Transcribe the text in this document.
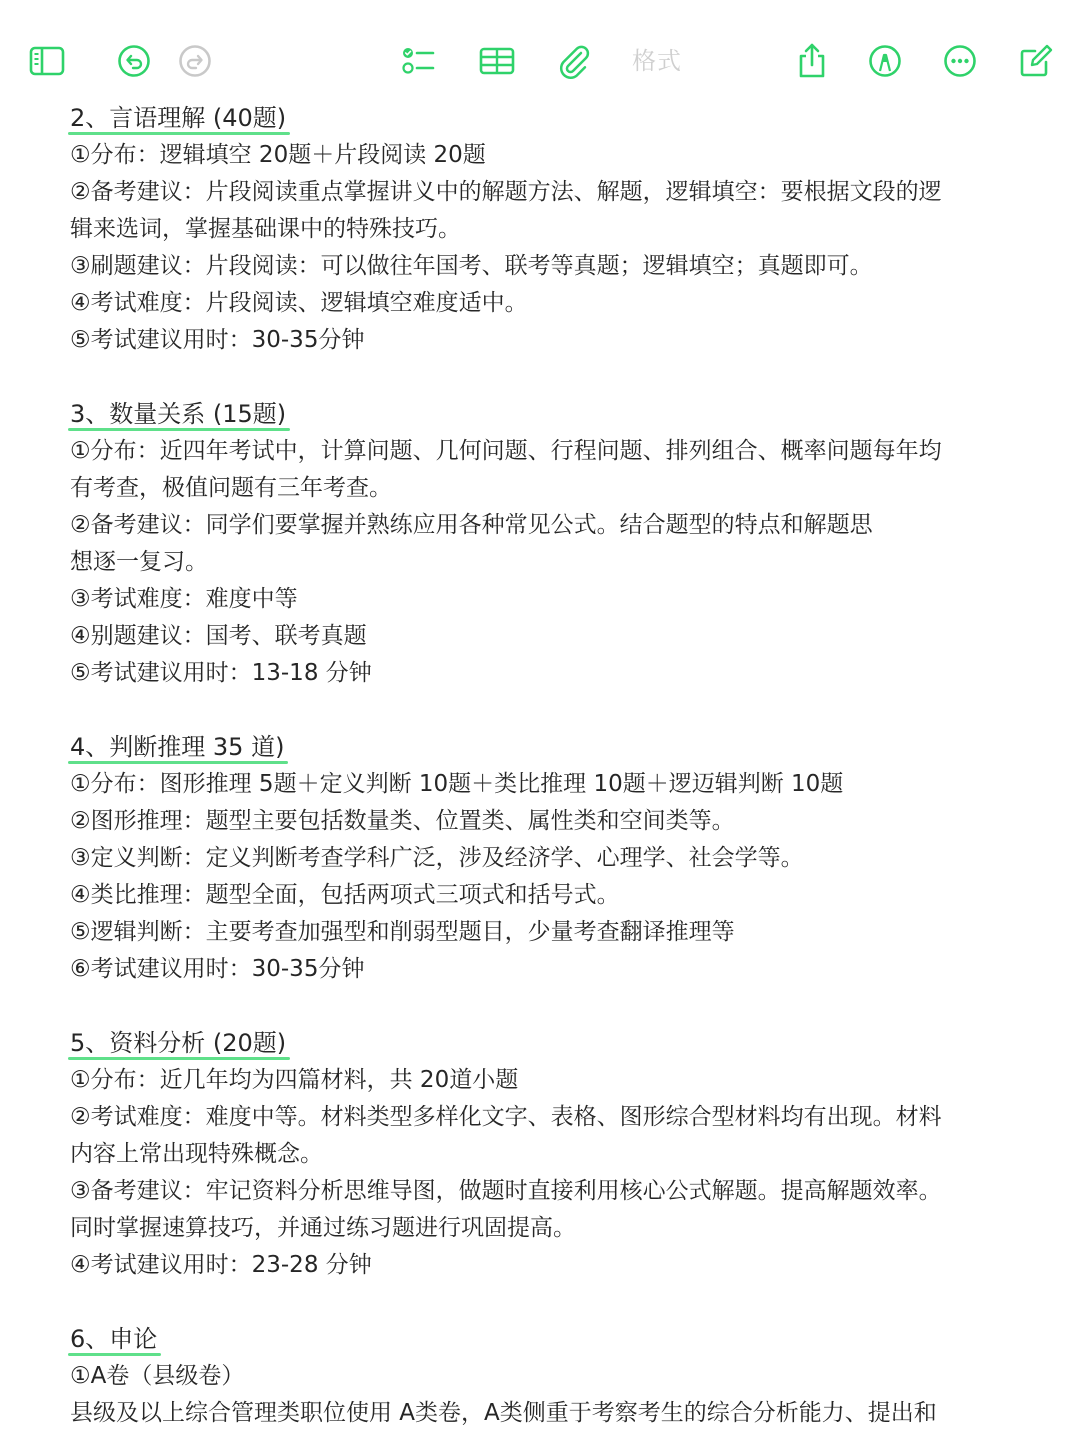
格式
2、言语理解 (40题)
①分布：逻辑填空 20题＋片段阅读 20题
②备考建议：片段阅读重点掌握讲义中的解题方法、解题，逻辑填空：要根据文段的逻
辑来选词，掌握基础课中的特殊技巧。
③刷题建议：片段阅读：可以做往年国考、联考等真题；逻辑填空；真题即可。
④考试难度：片段阅读、逻辑填空难度适中。
⑤考试建议用时：30-35分钟
3、数量关系 (15题)
①分布：近四年考试中，计算问题、几何问题、行程问题、排列组合、概率问题每年均
有考查，极值问题有三年考查。
②备考建议：同学们要掌握并熟练应用各种常见公式。结合题型的特点和解题思
想逐一复习。
③考试难度：难度中等
④别题建议：国考、联考真题
⑤考试建议用时：13-18 分钟
4、判断推理 35 道)
①分布：图形推理 5题＋定义判断 10题＋类比推理 10题＋逻迈辑判断 10题
②图形推理：题型主要包括数量类、位置类、属性类和空间类等。
③定义判断：定义判断考查学科广泛，涉及经济学、心理学、社会学等。
④类比推理：题型全面，包括两项式三项式和括号式。
⑤逻辑判断：主要考查加强型和削弱型题目，少量考查翻译推理等
⑥考试建议用时：30-35分钟
5、资料分析 (20题)
①分布：近几年均为四篇材料，共 20道小题
②考试难度：难度中等。材料类型多样化文字、表格、图形综合型材料均有出现。材料
内容上常出现特殊概念。
③备考建议：牢记资料分析思维导图，做题时直接利用核心公式解题。提高解题效率。
同时掌握速算技巧，并通过练习题进行巩固提高。
④考试建议用时：23-28 分钟
6、申论
①A卷（县级卷）
县级及以上综合管理类职位使用 A类卷，A类侧重于考察考生的综合分析能力、提出和
